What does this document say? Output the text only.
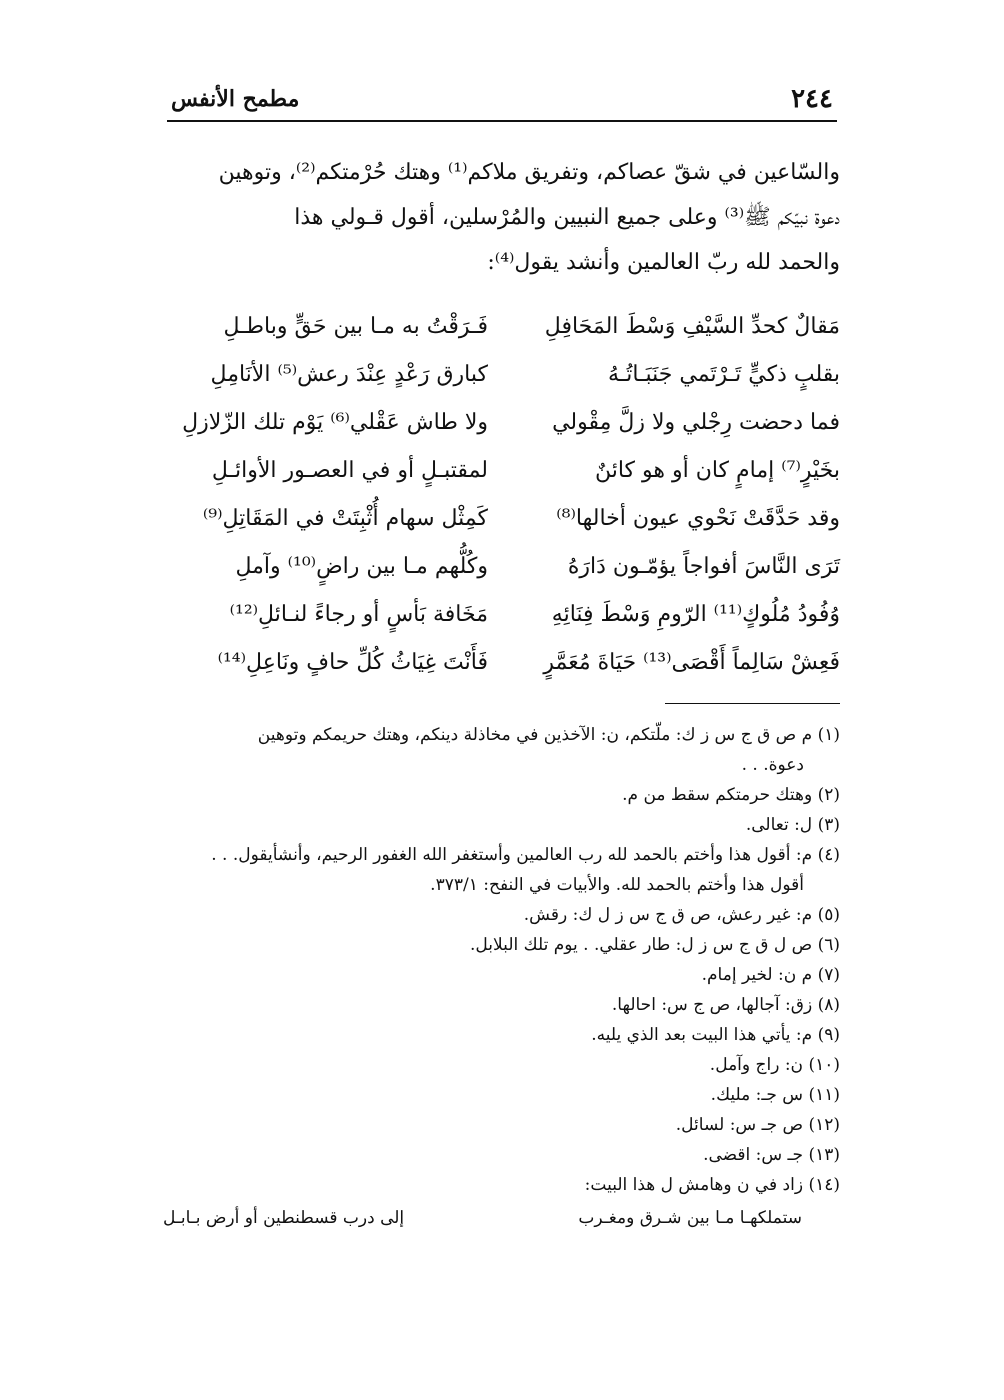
٢٤٤
مطمح الأنفس

والسّاعين في شقّ عصاكم، وتفريق ملاكم⁽¹⁾ وهتك حُرْمتكم⁽²⁾، وتوهين

دعوة نبيّكم ﷺ⁽³⁾ وعلى جميع النبيين والمُرْسلين، أقول قـولي هذا

والحمد لله ربّ العالمين وأنشد يقول⁽⁴⁾:

مَقالٌ كحدِّ السَّيْفِ وَسْطَ المَحَافِلِ
فَـرَقْتُ به مـا بين حَقٍّ وباطـلِ
بقلبٍ ذكيٍّ تَـرْتَمي جَنَبَـاتُـهُ
كبارق رَعْدٍ عِنْدَ رعش⁽⁵⁾ الأنَامِلِ
فما دحضت رِجْلي ولا زلَّ مِقْولي
ولا طاش عَقْلي⁽⁶⁾ يَوْم تلك الزّلازلِ
بخَيْرٍ⁽⁷⁾ إمامٍ كان أو هو كائنٌ
لمقتبـلٍ أو في العصـور الأوائـلِ
وقد حَدَّقَتْ نَحْوي عيون أخالها⁽⁸⁾
كَمِثْل سهام أُثْبِتَتْ في المَقَاتِلِ⁽⁹⁾
تَرَى النَّاسَ أفواجاً يؤمّـون دَارَهُ
وكُلُّهم مـا بين راضٍ⁽¹⁰⁾ وآملِ
وُفُودُ مُلُوكٍ⁽¹¹⁾ الرّومِ وَسْطَ فِنَائِهِ
مَخَافة بَأسٍ أو رجاءً لنـائلِ⁽¹²⁾
فَعِشْ سَالِماً أَقْصَى⁽¹³⁾ حَيَاةَ مُعَمَّرٍ
فَأَنْتَ غِيَاثُ كُلِّ حافٍ ونَاعِلِ⁽¹⁴⁾
(١) م ص ق ج س ز ك: ملّتكم، ن: الآخذين في مخاذلة دينكم، وهتك حريمكم وتوهين
دعوة. . .
(٢) وهتك حرمتكم سقط من م.
(٣) ل: تعالى.
(٤) م: أقول هذا وأختم بالحمد لله رب العالمين وأستغفر الله الغفور الرحيم، وأنشأيقول. . .
أقول هذا وأختم بالحمد لله. والأبيات في النفح: ٣٧٣/١.
(٥) م: غير رعش، ص ق ج س ز ل ك: رقش.
(٦) ص ل ق ج س ز ل: طار عقلي. . يوم تلك البلابل.
(٧) م ن: لخير إمام.
(٨) زق: آجالها، ص ج س: احالها.
(٩) م: يأتي هذا البيت بعد الذي يليه.
(١٠) ن: راج وآمل.
(١١) س جـ: مليك.
(١٢) ص جـ س: لسائل.
(١٣) جـ س: اقضى.
(١٤) زاد في ن وهامش ل هذا البيت:
ستملكهـا مـا بين شـرق ومغـرب
إلى درب قسطنطين أو أرض بـابـل
